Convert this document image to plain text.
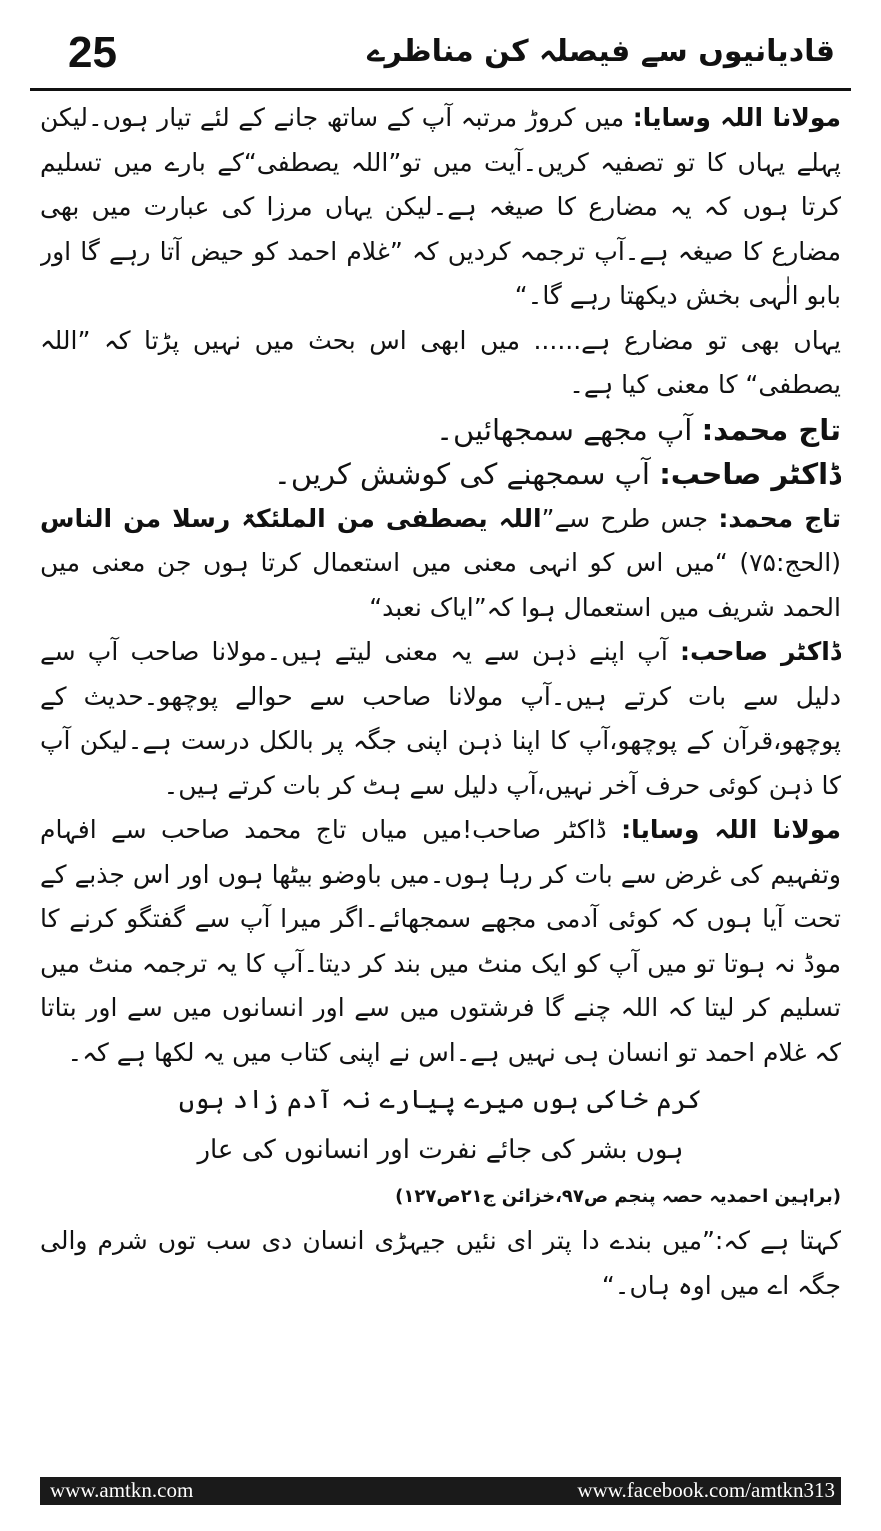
25	قادیانیوں سے فیصلہ کن مناظرے

مولانا اللہ وسایا: میں کروڑ مرتبہ آپ کے ساتھ جانے کے لئے تیار ہوں۔لیکن پہلے یہاں کا تو تصفیہ کریں۔آیت میں تو”اللہ یصطفی“کے بارے میں تسلیم کرتا ہوں کہ یہ مضارع کا صیغہ ہے۔لیکن یہاں مرزا کی عبارت میں بھی مضارع کا صیغہ ہے۔آپ ترجمہ کردیں کہ ”غلام احمد کو حیض آتا رہے گا اور بابو الٰہی بخش دیکھتا رہے گا۔“

یہاں بھی تو مضارع ہے...... میں ابھی اس بحث میں نہیں پڑتا کہ ”اللہ یصطفی“ کا معنی کیا ہے۔

تاج محمد: آپ مجھے سمجھائیں۔

ڈاکٹر صاحب: آپ سمجھنے کی کوشش کریں۔

تاج محمد: جس طرح سے”اللہ یصطفی من الملئکۃ رسلا من الناس (الحج:۷۵) “میں اس کو انہی معنی میں استعمال کرتا ہوں جن معنی میں الحمد شریف میں استعمال ہوا کہ”ایاک نعبد“

ڈاکٹر صاحب: آپ اپنے ذہن سے یہ معنی لیتے ہیں۔مولانا صاحب آپ سے دلیل سے بات کرتے ہیں۔آپ مولانا صاحب سے حوالے پوچھو۔حدیث کے پوچھو،قرآن کے پوچھو،آپ کا اپنا ذہن اپنی جگہ پر بالکل درست ہے۔لیکن آپ کا ذہن کوئی حرف آخر نہیں،آپ دلیل سے ہٹ کر بات کرتے ہیں۔

مولانا اللہ وسایا: ڈاکٹر صاحب!میں میاں تاج محمد صاحب سے افہام وتفہیم کی غرض سے بات کر رہا ہوں۔میں باوضو بیٹھا ہوں اور اس جذبے کے تحت آیا ہوں کہ کوئی آدمی مجھے سمجھائے۔اگر میرا آپ سے گفتگو کرنے کا موڈ نہ ہوتا تو میں آپ کو ایک منٹ میں بند کر دیتا۔آپ کا یہ ترجمہ منٹ میں تسلیم کر لیتا کہ اللہ چنے گا فرشتوں میں سے اور انسانوں میں سے اور بتاتا کہ غلام احمد تو انسان ہی نہیں ہے۔اس نے اپنی کتاب میں یہ لکھا ہے کہ۔

کرم خاکی ہوں میرے پیارے نہ آدم زاد ہوں
ہوں بشر کی جائے نفرت اور انسانوں کی عار
(براہین احمدیہ حصہ پنجم ص۹۷،خزائن ج۲۱ص۱۲۷)

کہتا ہے کہ:”میں بندے دا پتر ای نئیں جیہڑی انسان دی سب توں شرم والی جگہ اے میں اوہ ہاں۔“

www.amtkn.com	www.facebook.com/amtkn313
